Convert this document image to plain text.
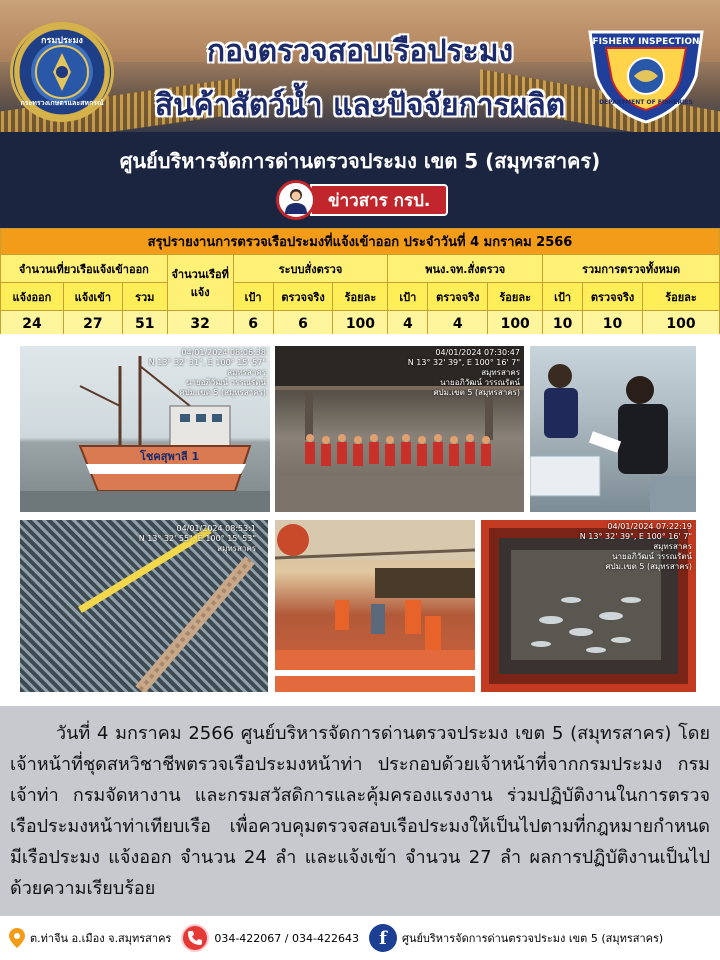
กรมประมง
กระทรวงเกษตรและสหกรณ์
FISHERY INSPECTION
DEPARTMENT OF FISHERIES
กองตรวจสอบเรือประมง
สินค้าสัตว์น้ำ และปัจจัยการผลิต
ศูนย์บริหารจัดการด่านตรวจประมง เขต 5 (สมุทรสาคร)
ข่าวสาร กรป.
สรุปรายงานการตรวจเรือประมงที่แจ้งเข้าออก ประจำวันที่ 4 มกราคม 2566												
จำนวนเที่ยวเรือแจ้งเข้าออก			จำนวนเรือที่แจ้ง	ระบบสั่งตรวจ			พนง.จท.สั่งตรวจ			รวมการตรวจทั้งหมด		
แจ้งออก	แจ้งเข้า	รวม		เป้า	ตรวจจริง	ร้อยละ	เป้า	ตรวจจริง	ร้อยละ	เป้า	ตรวจจริง	ร้อยละ
24	27	51	32	6	6	100	4	4	100	10	10	100
โชคสุพาลี 1
04/01/2024 08:06:38
N 13° 32' 31", E 100° 15' 57"
สมุทรสาคร
นายอภิวัฒน์ วรรณรัตน์
ศปม.เขต 5 (สมุทรสาคร)
04/01/2024 07:30:47
N 13° 32' 39", E 100° 16' 7"
สมุทรสาคร
นายอภิวัฒน์ วรรณรัตน์
ศปม.เขต 5 (สมุทรสาคร)
04/01/2024 08:53:1
N 13° 32' 55", E 100° 15' 53"
สมุทรสาคร
04/01/2024 07:22:19
N 13° 32' 39", E 100° 16' 7"
สมุทรสาคร
นายอภิวัฒน์ วรรณรัตน์
ศปม.เขต 5 (สมุทรสาคร)

วันที่ 4 มกราคม 2566 ศูนย์บริหารจัดการด่านตรวจประมง เขต 5 (สมุทรสาคร) โดยเจ้าหน้าที่ชุดสหวิชาชีพตรวจเรือประมงหน้าท่า ประกอบด้วยเจ้าหน้าที่จากกรมประมง กรมเจ้าท่า กรมจัดหางาน และกรมสวัสดิการและคุ้มครองแรงงาน ร่วมปฏิบัติงานในการตรวจเรือประมงหน้าท่าเทียบเรือ เพื่อควบคุมตรวจสอบเรือประมงให้เป็นไปตามที่กฎหมายกำหนด มีเรือประมง แจ้งออก จำนวน 24 ลำ และแจ้งเข้า จำนวน 27 ลำ ผลการปฏิบัติงานเป็นไปด้วยความเรียบร้อย

ต.ท่าจีน อ.เมือง จ.สมุทรสาคร	034-422067 / 034-422643	f	ศูนย์บริหารจัดการด่านตรวจประมง เขต 5 (สมุทรสาคร)
